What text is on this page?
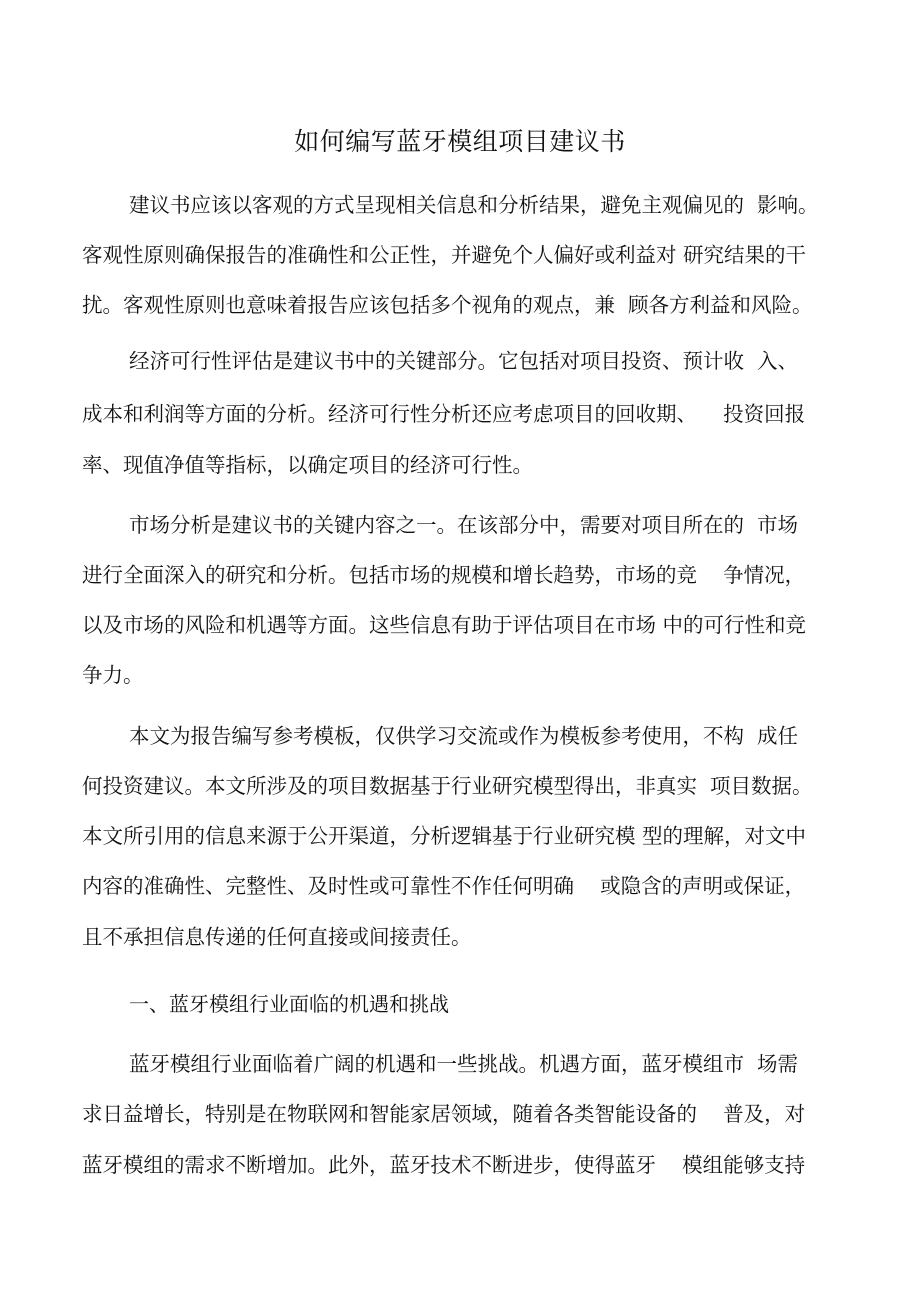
如何编写蓝牙模组项目建议书
建议书应该以客观的方式呈现相关信息和分析结果，避免主观偏见的  影响。
客观性原则确保报告的准确性和公正性，并避免个人偏好或利益对 研究结果的干
扰。客观性原则也意味着报告应该包括多个视角的观点，兼  顾各方利益和风险。
经济可行性评估是建议书中的关键部分。它包括对项目投资、预计收  入、
成本和利润等方面的分析。经济可行性分析还应考虑项目的回收期、    投资回报
率、现值净值等指标，以确定项目的经济可行性。
市场分析是建议书的关键内容之一。在该部分中，需要对项目所在的  市场
进行全面深入的研究和分析。包括市场的规模和增长趋势，市场的竞    争情况，
以及市场的风险和机遇等方面。这些信息有助于评估项目在市场 中的可行性和竞
争力。
本文为报告编写参考模板，仅供学习交流或作为模板参考使用，不构  成任
何投资建议。本文所涉及的项目数据基于行业研究模型得出，非真实  项目数据。
本文所引用的信息来源于公开渠道，分析逻辑基于行业研究模 型的理解，对文中
内容的准确性、完整性、及时性或可靠性不作任何明确    或隐含的声明或保证，
且不承担信息传递的任何直接或间接责任。
一、蓝牙模组行业面临的机遇和挑战
蓝牙模组行业面临着广阔的机遇和一些挑战。机遇方面，蓝牙模组市  场需
求日益增长，特别是在物联网和智能家居领域，随着各类智能设备的    普及，对
蓝牙模组的需求不断增加。此外，蓝牙技术不断进步，使得蓝牙    模组能够支持
